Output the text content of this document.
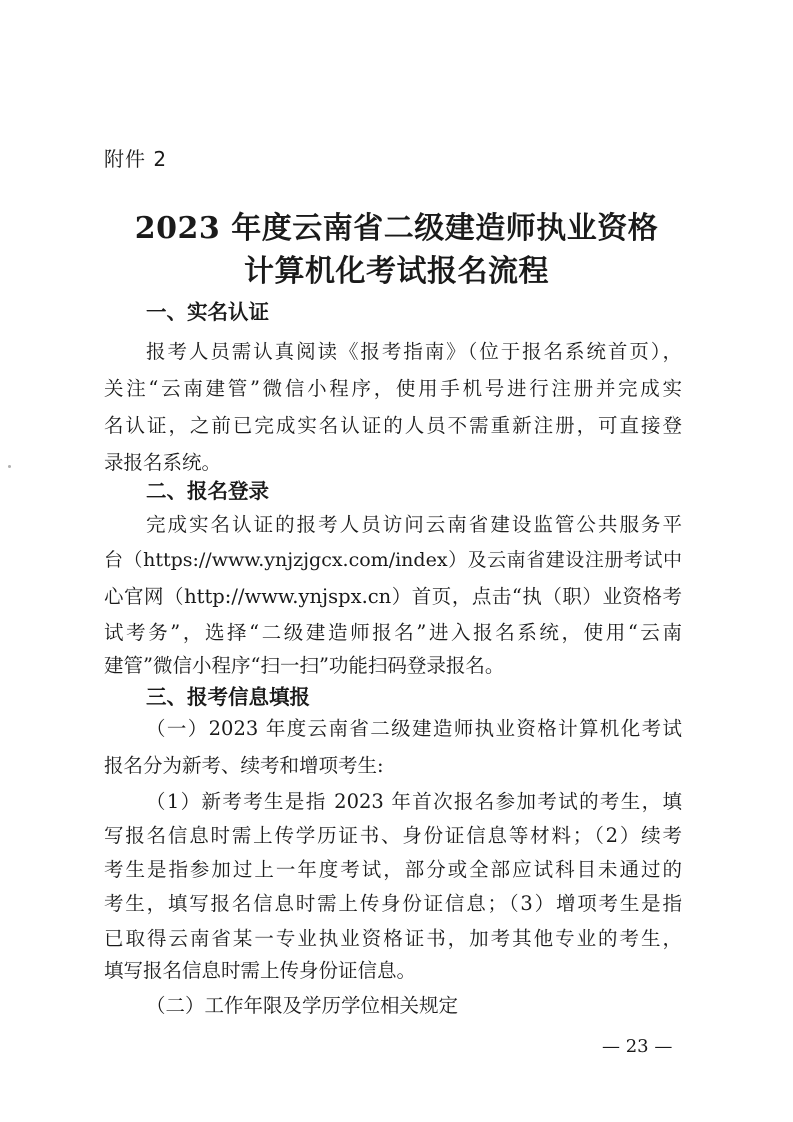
附件 2
2023 年度云南省二级建造师执业资格
计算机化考试报名流程
一、实名认证
报考人员需认真阅读《报考指南》（位于报名系统首页），
关注“云南建管”微信小程序，使用手机号进行注册并完成实
名认证，之前已完成实名认证的人员不需重新注册，可直接登
录报名系统。
二、报名登录
完成实名认证的报考人员访问云南省建设监管公共服务平
台（https://www.ynjzjgcx.com/index）及云南省建设注册考试中
心官网（http://www.ynjspx.cn）首页，点击“执（职）业资格考
试考务”，选择“二级建造师报名”进入报名系统，使用“云南
建管”微信小程序“扫一扫”功能扫码登录报名。
三、报考信息填报
（一）2023 年度云南省二级建造师执业资格计算机化考试
报名分为新考、续考和增项考生:
（1）新考考生是指 2023 年首次报名参加考试的考生，填
写报名信息时需上传学历证书、身份证信息等材料；（2）续考
考生是指参加过上一年度考试，部分或全部应试科目未通过的
考生，填写报名信息时需上传身份证信息；（3）增项考生是指
已取得云南省某一专业执业资格证书，加考其他专业的考生，
填写报名信息时需上传身份证信息。
（二）工作年限及学历学位相关规定
— 23 —
